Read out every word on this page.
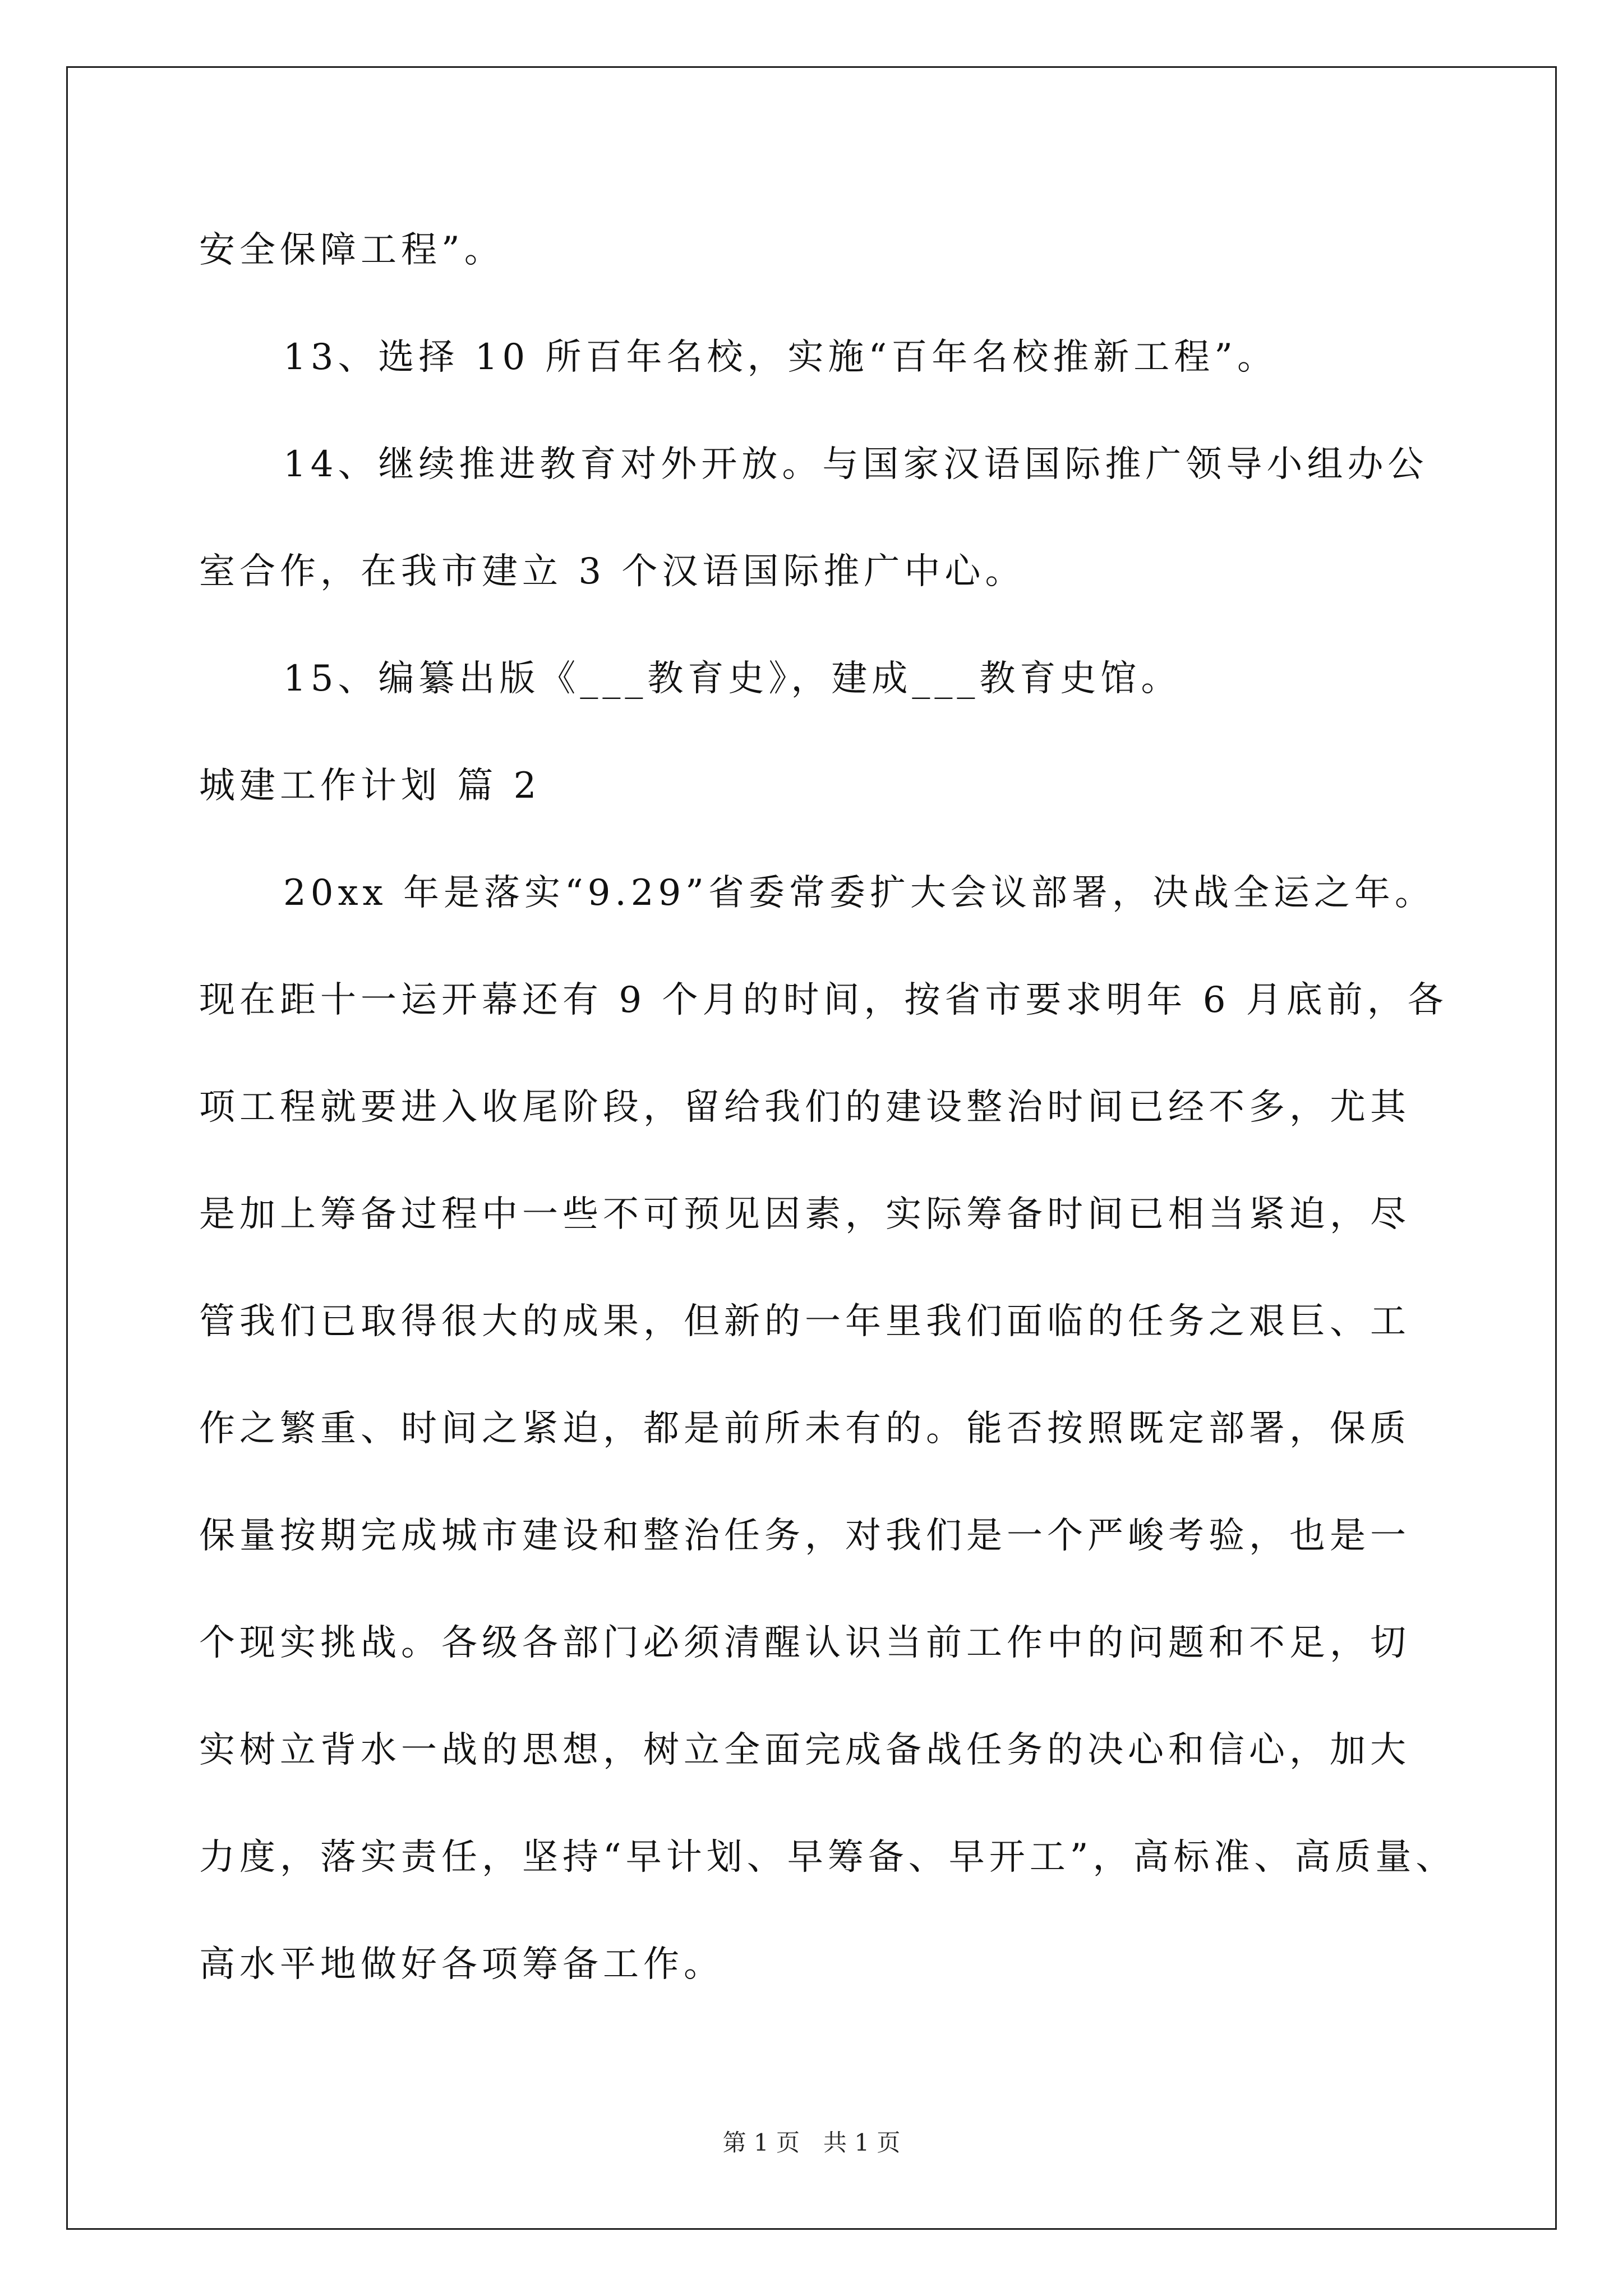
安全保障工程”。
13、选择 10 所百年名校，实施“百年名校推新工程”。
14、继续推进教育对外开放。与国家汉语国际推广领导小组办公
室合作，在我市建立 3 个汉语国际推广中心。
15、编纂出版《___教育史》，建成___教育史馆。
城建工作计划 篇 2
20xx 年是落实“9.29”省委常委扩大会议部署，决战全运之年。
现在距十一运开幕还有 9 个月的时间，按省市要求明年 6 月底前，各
项工程就要进入收尾阶段，留给我们的建设整治时间已经不多，尤其
是加上筹备过程中一些不可预见因素，实际筹备时间已相当紧迫，尽
管我们已取得很大的成果，但新的一年里我们面临的任务之艰巨、工
作之繁重、时间之紧迫，都是前所未有的。能否按照既定部署，保质
保量按期完成城市建设和整治任务，对我们是一个严峻考验，也是一
个现实挑战。各级各部门必须清醒认识当前工作中的问题和不足，切
实树立背水一战的思想，树立全面完成备战任务的决心和信心，加大
力度，落实责任，坚持“早计划、早筹备、早开工”，高标准、高质量、
高水平地做好各项筹备工作。
第 1 页　共 1 页
